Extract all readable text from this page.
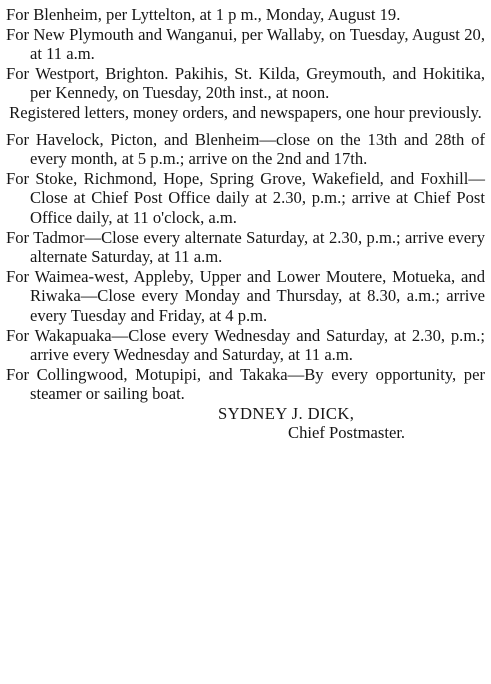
For Blenheim, per Lyttelton, at 1 p m., Monday, August 19.

For New Plymouth and Wanganui, per Wallaby, on Tuesday, August 20, at 11 a.m.

For Westport, Brighton. Pakihis, St. Kilda, Greymouth, and Hokitika, per Kennedy, on Tuesday, 20th inst., at noon.

Registered letters, money orders, and newspapers, one hour previously.

For Havelock, Picton, and Blenheim—close on the 13th and 28th of every month, at 5 p.m.; arrive on the 2nd and 17th.

For Stoke, Richmond, Hope, Spring Grove, Wakefield, and Foxhill—Close at Chief Post Office daily at 2.30, p.m.; arrive at Chief Post Office daily, at 11 o'clock, a.m.

For Tadmor—Close every alternate Saturday, at 2.30, p.m.; arrive every alternate Saturday, at 11 a.m.

For Waimea-west, Appleby, Upper and Lower Moutere, Motueka, and Riwaka—Close every Monday and Thursday, at 8.30, a.m.; arrive every Tuesday and Friday, at 4 p.m.

For Wakapuaka—Close every Wednesday and Saturday, at 2.30, p.m.; arrive every Wednesday and Saturday, at 11 a.m.

For Collingwood, Motupipi, and Takaka—By every opportunity, per steamer or sailing boat.

SYDNEY J. DICK,

Chief Postmaster.
